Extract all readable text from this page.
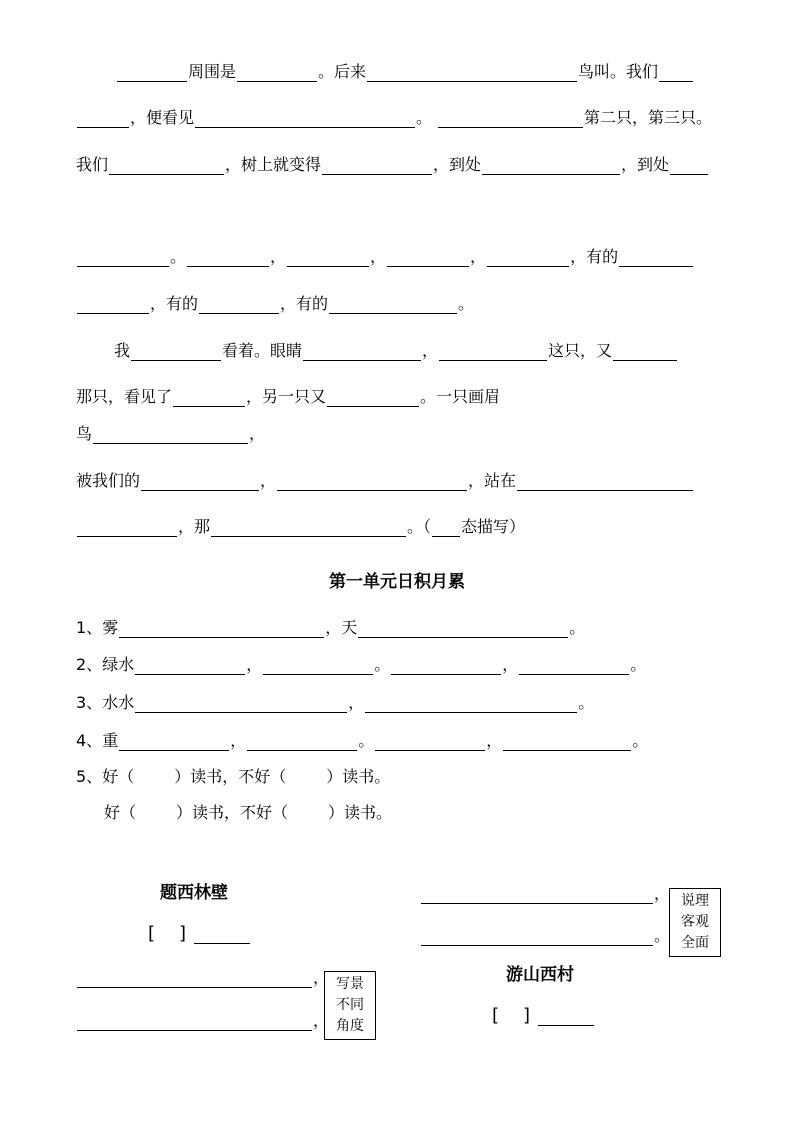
周围是	。后来	鸟叫。我们
，便看见	。	第二只，第三只。
我们	，树上就变得	，到处	，到处
。	，	，	，	，有的
，有的	，有的	。
我	看着。眼睛	，	这只，又
那只，看见了	，另一只又	。一只画眉
鸟	，
被我们的	，	，站在
，那	。（ 态描写）
第一单元日积月累
1、雾	，天	。
2、绿水	，	。	，	。
3、水水	，	。
4、重	，	。	，	。
5、好（	）读书，不好（	）读书。
好（	）读书，不好（	）读书。
题西林壁
[ ]
，
，
写景
不同
角度
，
。
说理
客观
全面
游山西村
[ ]
